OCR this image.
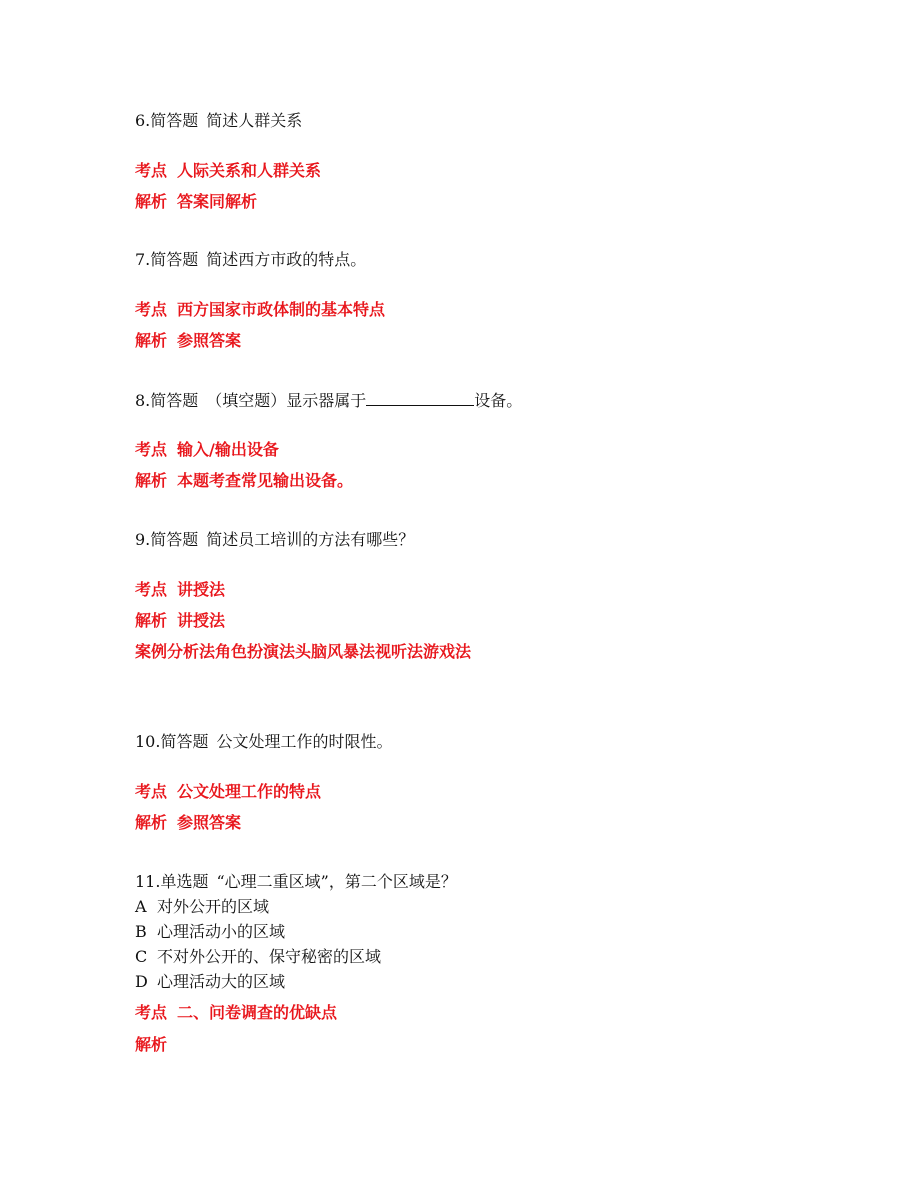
6.简答题 简述人群关系
考点 人际关系和人群关系
解析 答案同解析
7.简答题 简述西方市政的特点。
考点 西方国家市政体制的基本特点
解析 参照答案
8.简答题 （填空题）显示器属于	设备。
考点 输入/输出设备
解析 本题考查常见输出设备。
9.简答题 简述员工培训的方法有哪些？
考点 讲授法
解析 讲授法
案例分析法角色扮演法头脑风暴法视听法游戏法
10.简答题 公文处理工作的时限性。
考点 公文处理工作的特点
解析 参照答案
11.单选题 “心理二重区域”，第二个区域是？
A 对外公开的区域
B 心理活动小的区域
C 不对外公开的、保守秘密的区域
D 心理活动大的区域
考点 二、问卷调查的优缺点
解析
